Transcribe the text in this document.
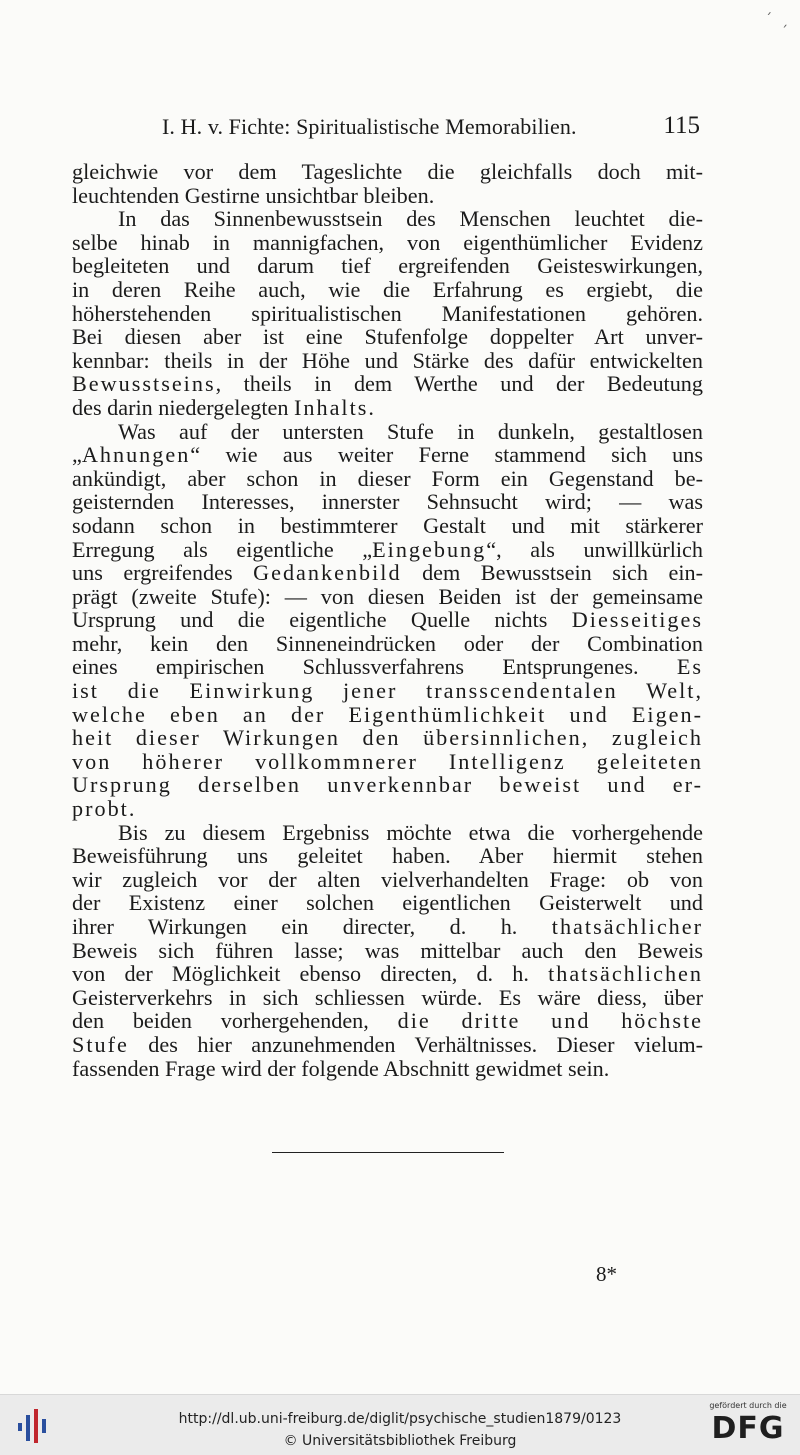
ˊ  ˏ
I. H. v. Fichte: Spiritualistische Memorabilien.	115

gleichwie vor dem Tageslichte die gleichfalls doch mit-

leuchtenden Gestirne unsichtbar bleiben.

In das Sinnenbewusstsein des Menschen leuchtet die-

selbe hinab in mannigfachen, von eigenthümlicher Evidenz

begleiteten und darum tief ergreifenden Geisteswirkungen,

in deren Reihe auch, wie die Erfahrung es ergiebt, die

höherstehenden spiritualistischen Manifestationen gehören.

Bei diesen aber ist eine Stufenfolge doppelter Art unver-

kennbar: theils in der Höhe und Stärke des dafür entwickelten

Bewusstseins, theils in dem Werthe und der Bedeutung

des darin niedergelegten Inhalts.

Was auf der untersten Stufe in dunkeln, gestaltlosen

„Ahnungen“ wie aus weiter Ferne stammend sich uns

ankündigt, aber schon in dieser Form ein Gegenstand be-

geisternden Interesses, innerster Sehnsucht wird; — was

sodann schon in bestimmterer Gestalt und mit stärkerer

Erregung als eigentliche „Eingebung“, als unwillkürlich

uns ergreifendes Gedankenbild dem Bewusstsein sich ein-

prägt (zweite Stufe): — von diesen Beiden ist der gemeinsame

Ursprung und die eigentliche Quelle nichts Diesseitiges

mehr, kein den Sinneneindrücken oder der Combination

eines empirischen Schlussverfahrens Entsprungenes. Es

ist die Einwirkung jener transscendentalen Welt,

welche eben an der Eigenthümlichkeit und Eigen-

heit dieser Wirkungen den übersinnlichen, zugleich

von höherer vollkommnerer Intelligenz geleiteten

Ursprung derselben unverkennbar beweist und er-

probt.

Bis zu diesem Ergebniss möchte etwa die vorhergehende

Beweisführung uns geleitet haben. Aber hiermit stehen

wir zugleich vor der alten vielverhandelten Frage: ob von

der Existenz einer solchen eigentlichen Geisterwelt und

ihrer Wirkungen ein directer, d. h. thatsächlicher

Beweis sich führen lasse; was mittelbar auch den Beweis

von der Möglichkeit ebenso directen, d. h. thatsächlichen

Geisterverkehrs in sich schliessen würde. Es wäre diess, über

den beiden vorhergehenden, die dritte und höchste

Stufe des hier anzunehmenden Verhältnisses. Dieser vielum-

fassenden Frage wird der folgende Abschnitt gewidmet sein.

8*
http://dl.ub.uni-freiburg.de/diglit/psychische_studien1879/0123
© Universitätsbibliothek Freiburg
gefördert durch die
DFG
